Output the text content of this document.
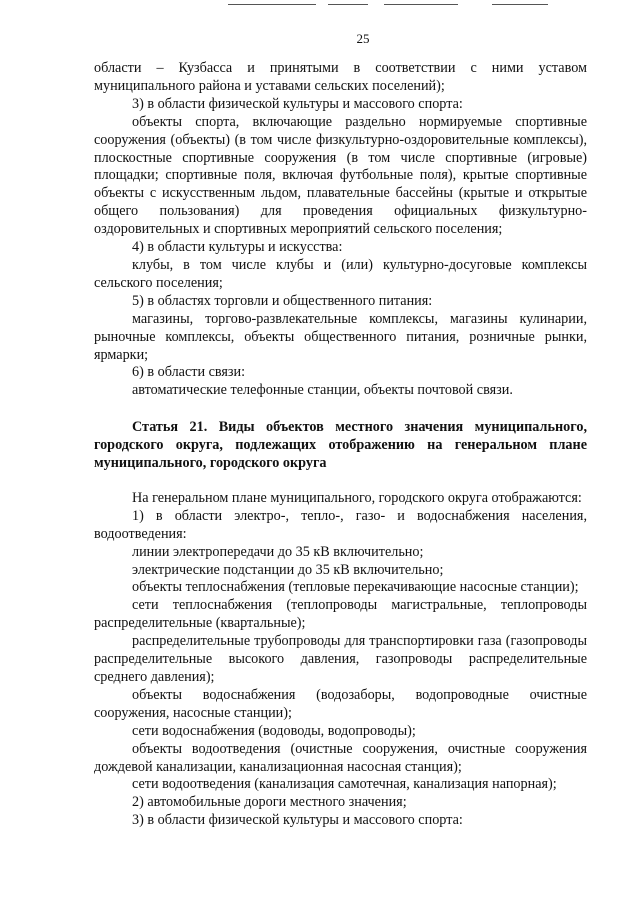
25

области – Кузбасса и принятыми в соответствии с ними уставом муниципального района и уставами сельских поселений);

3) в области физической культуры и массового спорта:

объекты спорта, включающие раздельно нормируемые спортивные сооружения (объекты) (в том числе физкультурно-оздоровительные комплексы), плоскостные спортивные сооружения (в том числе спортивные (игровые) площадки; спортивные поля, включая футбольные поля), крытые спортивные объекты с искусственным льдом, плавательные бассейны (крытые и открытые общего пользования) для проведения официальных физкультурно-оздоровительных и спортивных мероприятий сельского поселения;

4) в области культуры и искусства:

клубы, в том числе клубы и (или) культурно-досуговые комплексы сельского поселения;

5) в областях торговли и общественного питания:

магазины, торгово-развлекательные комплексы, магазины кулинарии, рыночные комплексы, объекты общественного питания, розничные рынки, ярмарки;

6) в области связи:

автоматические телефонные станции, объекты почтовой связи.

Статья 21. Виды объектов местного значения муниципального, городского округа, подлежащих отображению на генеральном плане муниципального, городского округа

На генеральном плане муниципального, городского округа отображаются:

1) в области электро-, тепло-, газо- и водоснабжения населения, водоотведения:

линии электропередачи до 35 кВ включительно;

электрические подстанции до 35 кВ включительно;

объекты теплоснабжения (тепловые перекачивающие насосные станции);

сети теплоснабжения (теплопроводы магистральные, теплопроводы распределительные (квартальные);

распределительные трубопроводы для транспортировки газа (газопроводы распределительные высокого давления, газопроводы распределительные среднего давления);

объекты водоснабжения (водозаборы, водопроводные очистные сооружения, насосные станции);

сети водоснабжения (водоводы, водопроводы);

объекты водоотведения (очистные сооружения, очистные сооружения дождевой канализации, канализационная насосная станция);

сети водоотведения (канализация самотечная, канализация напорная);

2) автомобильные дороги местного значения;

3) в области физической культуры и массового спорта:
